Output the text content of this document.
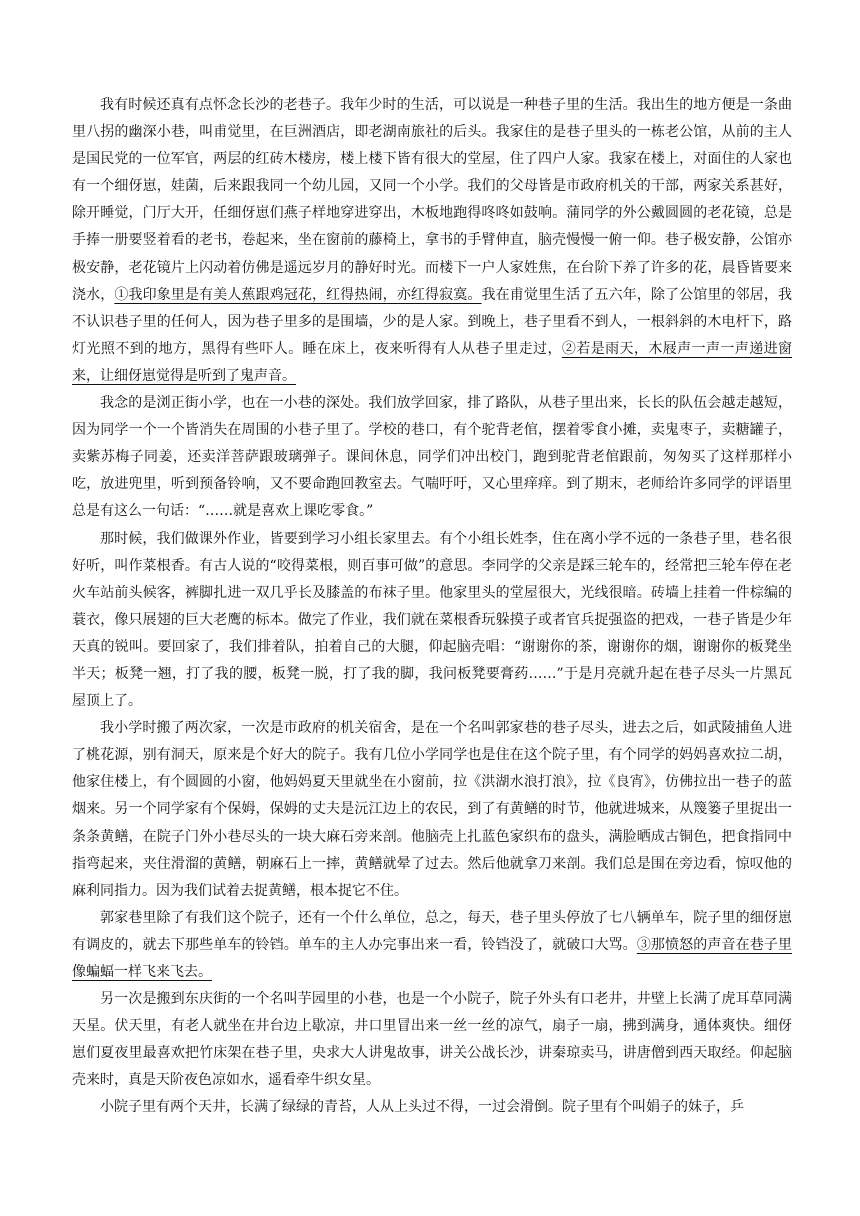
我有时候还真有点怀念长沙的老巷子。我年少时的生活，可以说是一种巷子里的生活。我出生的地方便是一条曲里八拐的幽深小巷，叫甫觉里，在巨洲酒店，即老湖南旅社的后头。我家住的是巷子里头的一栋老公馆，从前的主人是国民党的一位军官，两层的红砖木楼房，楼上楼下皆有很大的堂屋，住了四户人家。我家在楼上，对面住的人家也有一个细伢崽，娃菌，后来跟我同一个幼儿园，又同一个小学。我们的父母皆是市政府机关的干部，两家关系甚好，除开睡觉，门厅大开，任细伢崽们燕子样地穿进穿出，木板地跑得咚咚如鼓响。蒲同学的外公戴圆圆的老花镜，总是手捧一册要竖着看的老书，卷起来，坐在窗前的藤椅上，拿书的手臂伸直，脑壳慢慢一俯一仰。巷子极安静，公馆亦极安静，老花镜片上闪动着仿佛是遥远岁月的静好时光。而楼下一户人家姓焦，在台阶下养了许多的花，晨昏皆要来浇水，①我印象里是有美人蕉跟鸡冠花，红得热闹，亦红得寂寞。我在甫觉里生活了五六年，除了公馆里的邻居，我不认识巷子里的任何人，因为巷子里多的是围墙，少的是人家。到晚上，巷子里看不到人，一根斜斜的木电杆下，路灯光照不到的地方，黑得有些吓人。睡在床上，夜来听得有人从巷子里走过，②若是雨天，木屐声一声一声递进窗来，让细伢崽觉得是听到了鬼声音。

我念的是浏正街小学，也在一小巷的深处。我们放学回家，排了路队，从巷子里出来，长长的队伍会越走越短，因为同学一个一个皆消失在周围的小巷子里了。学校的巷口，有个驼背老倌，摆着零食小摊，卖鬼枣子，卖糖罐子，卖紫苏梅子同姜，还卖洋菩萨跟玻璃弹子。课间休息，同学们冲出校门，跑到驼背老倌跟前，匆匆买了这样那样小吃，放进兜里，听到预备铃响，又不要命跑回教室去。气喘吁吁，又心里痒痒。到了期末，老师给许多同学的评语里总是有这么一句话：“……就是喜欢上课吃零食。”

那时候，我们做课外作业，皆要到学习小组长家里去。有个小组长姓李，住在离小学不远的一条巷子里，巷名很好听，叫作菜根香。有古人说的“咬得菜根，则百事可做”的意思。李同学的父亲是踩三轮车的，经常把三轮车停在老火车站前头候客，裤脚扎进一双几乎长及膝盖的布袜子里。他家里头的堂屋很大，光线很暗。砖墙上挂着一件棕编的蓑衣，像只展翅的巨大老鹰的标本。做完了作业，我们就在菜根香玩躲摸子或者官兵捉强盗的把戏，一巷子皆是少年天真的锐叫。要回家了，我们排着队，拍着自己的大腿，仰起脑壳唱：“谢谢你的茶，谢谢你的烟，谢谢你的板凳坐半天；板凳一翘，打了我的腰，板凳一脱，打了我的脚，我问板凳要膏药……”于是月亮就升起在巷子尽头一片黑瓦屋顶上了。

我小学时搬了两次家，一次是市政府的机关宿舍，是在一个名叫郭家巷的巷子尽头，进去之后，如武陵捕鱼人进了桃花源，别有洞天，原来是个好大的院子。我有几位小学同学也是住在这个院子里，有个同学的妈妈喜欢拉二胡，他家住楼上，有个圆圆的小窗，他妈妈夏天里就坐在小窗前，拉《洪湖水浪打浪》，拉《良宵》，仿佛拉出一巷子的蓝烟来。另一个同学家有个保姆，保姆的丈夫是沅江边上的农民，到了有黄鳝的时节，他就进城来，从篾篓子里捉出一条条黄鳝，在院子门外小巷尽头的一块大麻石旁来剖。他脑壳上扎蓝色家织布的盘头，满脸晒成古铜色，把食指同中指弯起来，夹住滑溜的黄鳝，朝麻石上一摔，黄鳝就晕了过去。然后他就拿刀来剖。我们总是围在旁边看，惊叹他的麻利同指力。因为我们试着去捉黄鳝，根本捉它不住。

郭家巷里除了有我们这个院子，还有一个什么单位，总之，每天，巷子里头停放了七八辆单车，院子里的细伢崽有调皮的，就去下那些单车的铃铛。单车的主人办完事出来一看，铃铛没了，就破口大骂。③那愤怒的声音在巷子里像蝙蝠一样飞来飞去。

另一次是搬到东庆街的一个名叫芋园里的小巷，也是一个小院子，院子外头有口老井，井壁上长满了虎耳草同满天星。伏天里，有老人就坐在井台边上歇凉，井口里冒出来一丝一丝的凉气，扇子一扇，拂到满身，通体爽快。细伢崽们夏夜里最喜欢把竹床架在巷子里，央求大人讲鬼故事，讲关公战长沙，讲秦琼卖马，讲唐僧到西天取经。仰起脑壳来时，真是天阶夜色凉如水，遥看牵牛织女星。

小院子里有两个天井，长满了绿绿的青苔，人从上头过不得，一过会滑倒。院子里有个叫娟子的妹子，乒
